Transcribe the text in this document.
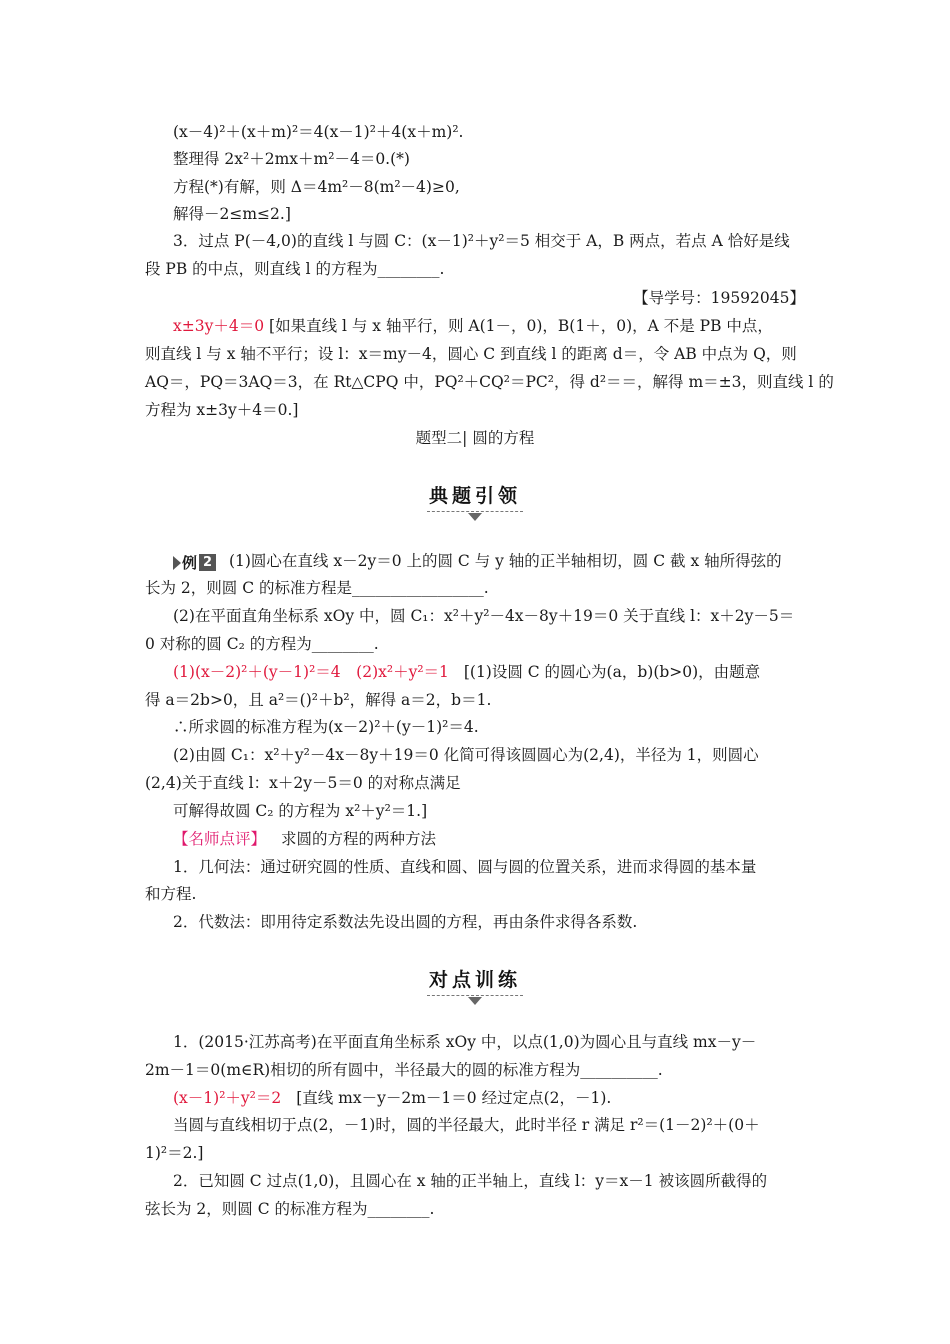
(x－4)²＋(x＋m)²＝4(x－1)²＋4(x＋m)².
整理得 2x²＋2mx＋m²－4＝0.(*)
方程(*)有解，则 Δ＝4m²－8(m²－4)≥0,
解得－2≤m≤2.]
3．过点 P(－4,0)的直线 l 与圆 C：(x－1)²＋y²＝5 相交于 A，B 两点，若点 A 恰好是线
段 PB 的中点，则直线 l 的方程为________.
【导学号：19592045】
x±3y＋4＝0 [如果直线 l 与 x 轴平行，则 A(1－，0)，B(1＋，0)，A 不是 PB 中点，
则直线 l 与 x 轴不平行；设 l：x＝my－4，圆心 C 到直线 l 的距离 d＝，令 AB 中点为 Q，则
AQ＝，PQ＝3AQ＝3，在 Rt△CPQ 中，PQ²＋CQ²＝PC²，得 d²＝＝，解得 m＝±3，则直线 l 的
方程为 x±3y＋4＝0.]
题型二| 圆的方程
典题引领
例 2 (1)圆心在直线 x－2y＝0 上的圆 C 与 y 轴的正半轴相切，圆 C 截 x 轴所得弦的
长为 2，则圆 C 的标准方程是_________________.
(2)在平面直角坐标系 xOy 中，圆 C₁：x²＋y²－4x－8y＋19＝0 关于直线 l：x＋2y－5＝
0 对称的圆 C₂ 的方程为________.
(1)(x－2)²＋(y－1)²＝4　(2)x²＋y²＝1 [(1)设圆 C 的圆心为(a，b)(b>0)，由题意
得 a＝2b>0，且 a²＝()²＋b²，解得 a＝2，b＝1.
∴所求圆的标准方程为(x－2)²＋(y－1)²＝4.
(2)由圆 C₁：x²＋y²－4x－8y＋19＝0 化简可得该圆圆心为(2,4)，半径为 1，则圆心
(2,4)关于直线 l：x＋2y－5＝0 的对称点满足
可解得故圆 C₂ 的方程为 x²＋y²＝1.]
【名师点评】 求圆的方程的两种方法
1．几何法：通过研究圆的性质、直线和圆、圆与圆的位置关系，进而求得圆的基本量
和方程.
2．代数法：即用待定系数法先设出圆的方程，再由条件求得各系数.
对点训练
1．(2015·江苏高考)在平面直角坐标系 xOy 中，以点(1,0)为圆心且与直线 mx－y－
2m－1＝0(m∈R)相切的所有圆中，半径最大的圆的标准方程为__________.
(x－1)²＋y²＝2 [直线 mx－y－2m－1＝0 经过定点(2，－1).
当圆与直线相切于点(2，－1)时，圆的半径最大，此时半径 r 满足 r²＝(1－2)²＋(0＋
1)²＝2.]
2．已知圆 C 过点(1,0)，且圆心在 x 轴的正半轴上，直线 l：y＝x－1 被该圆所截得的
弦长为 2，则圆 C 的标准方程为________.
